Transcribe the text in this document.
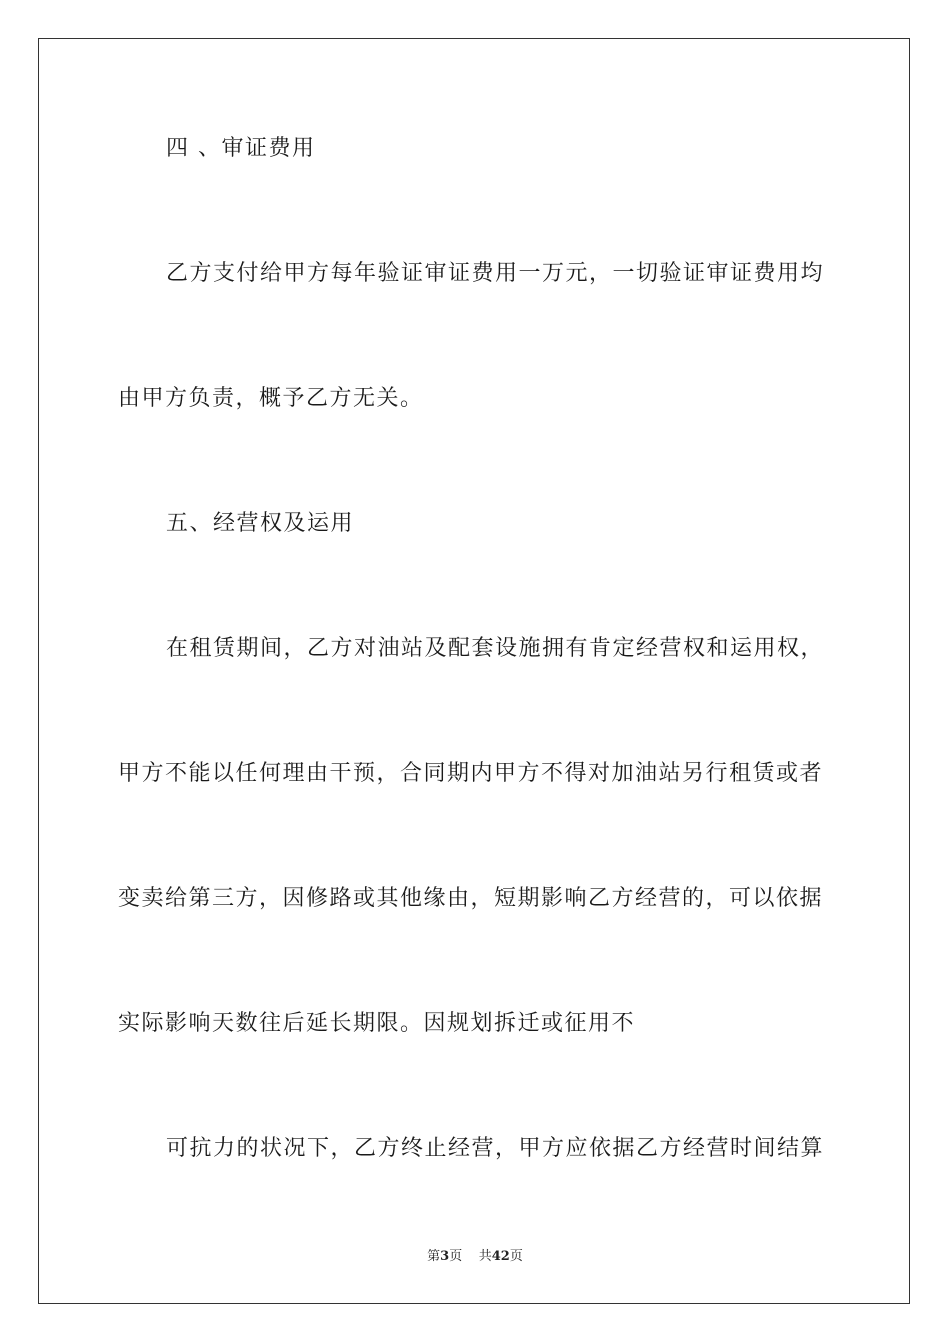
四 、审证费用
乙方支付给甲方每年验证审证费用一万元，一切验证审证费用均
由甲方负责，概予乙方无关。
五、经营权及运用
在租赁期间，乙方对油站及配套设施拥有肯定经营权和运用权，
甲方不能以任何理由干预，合同期内甲方不得对加油站另行租赁或者
变卖给第三方，因修路或其他缘由，短期影响乙方经营的，可以依据
实际影响天数往后延长期限。因规划拆迁或征用不
可抗力的状况下，乙方终止经营，甲方应依据乙方经营时间结算
第3页 共42页
